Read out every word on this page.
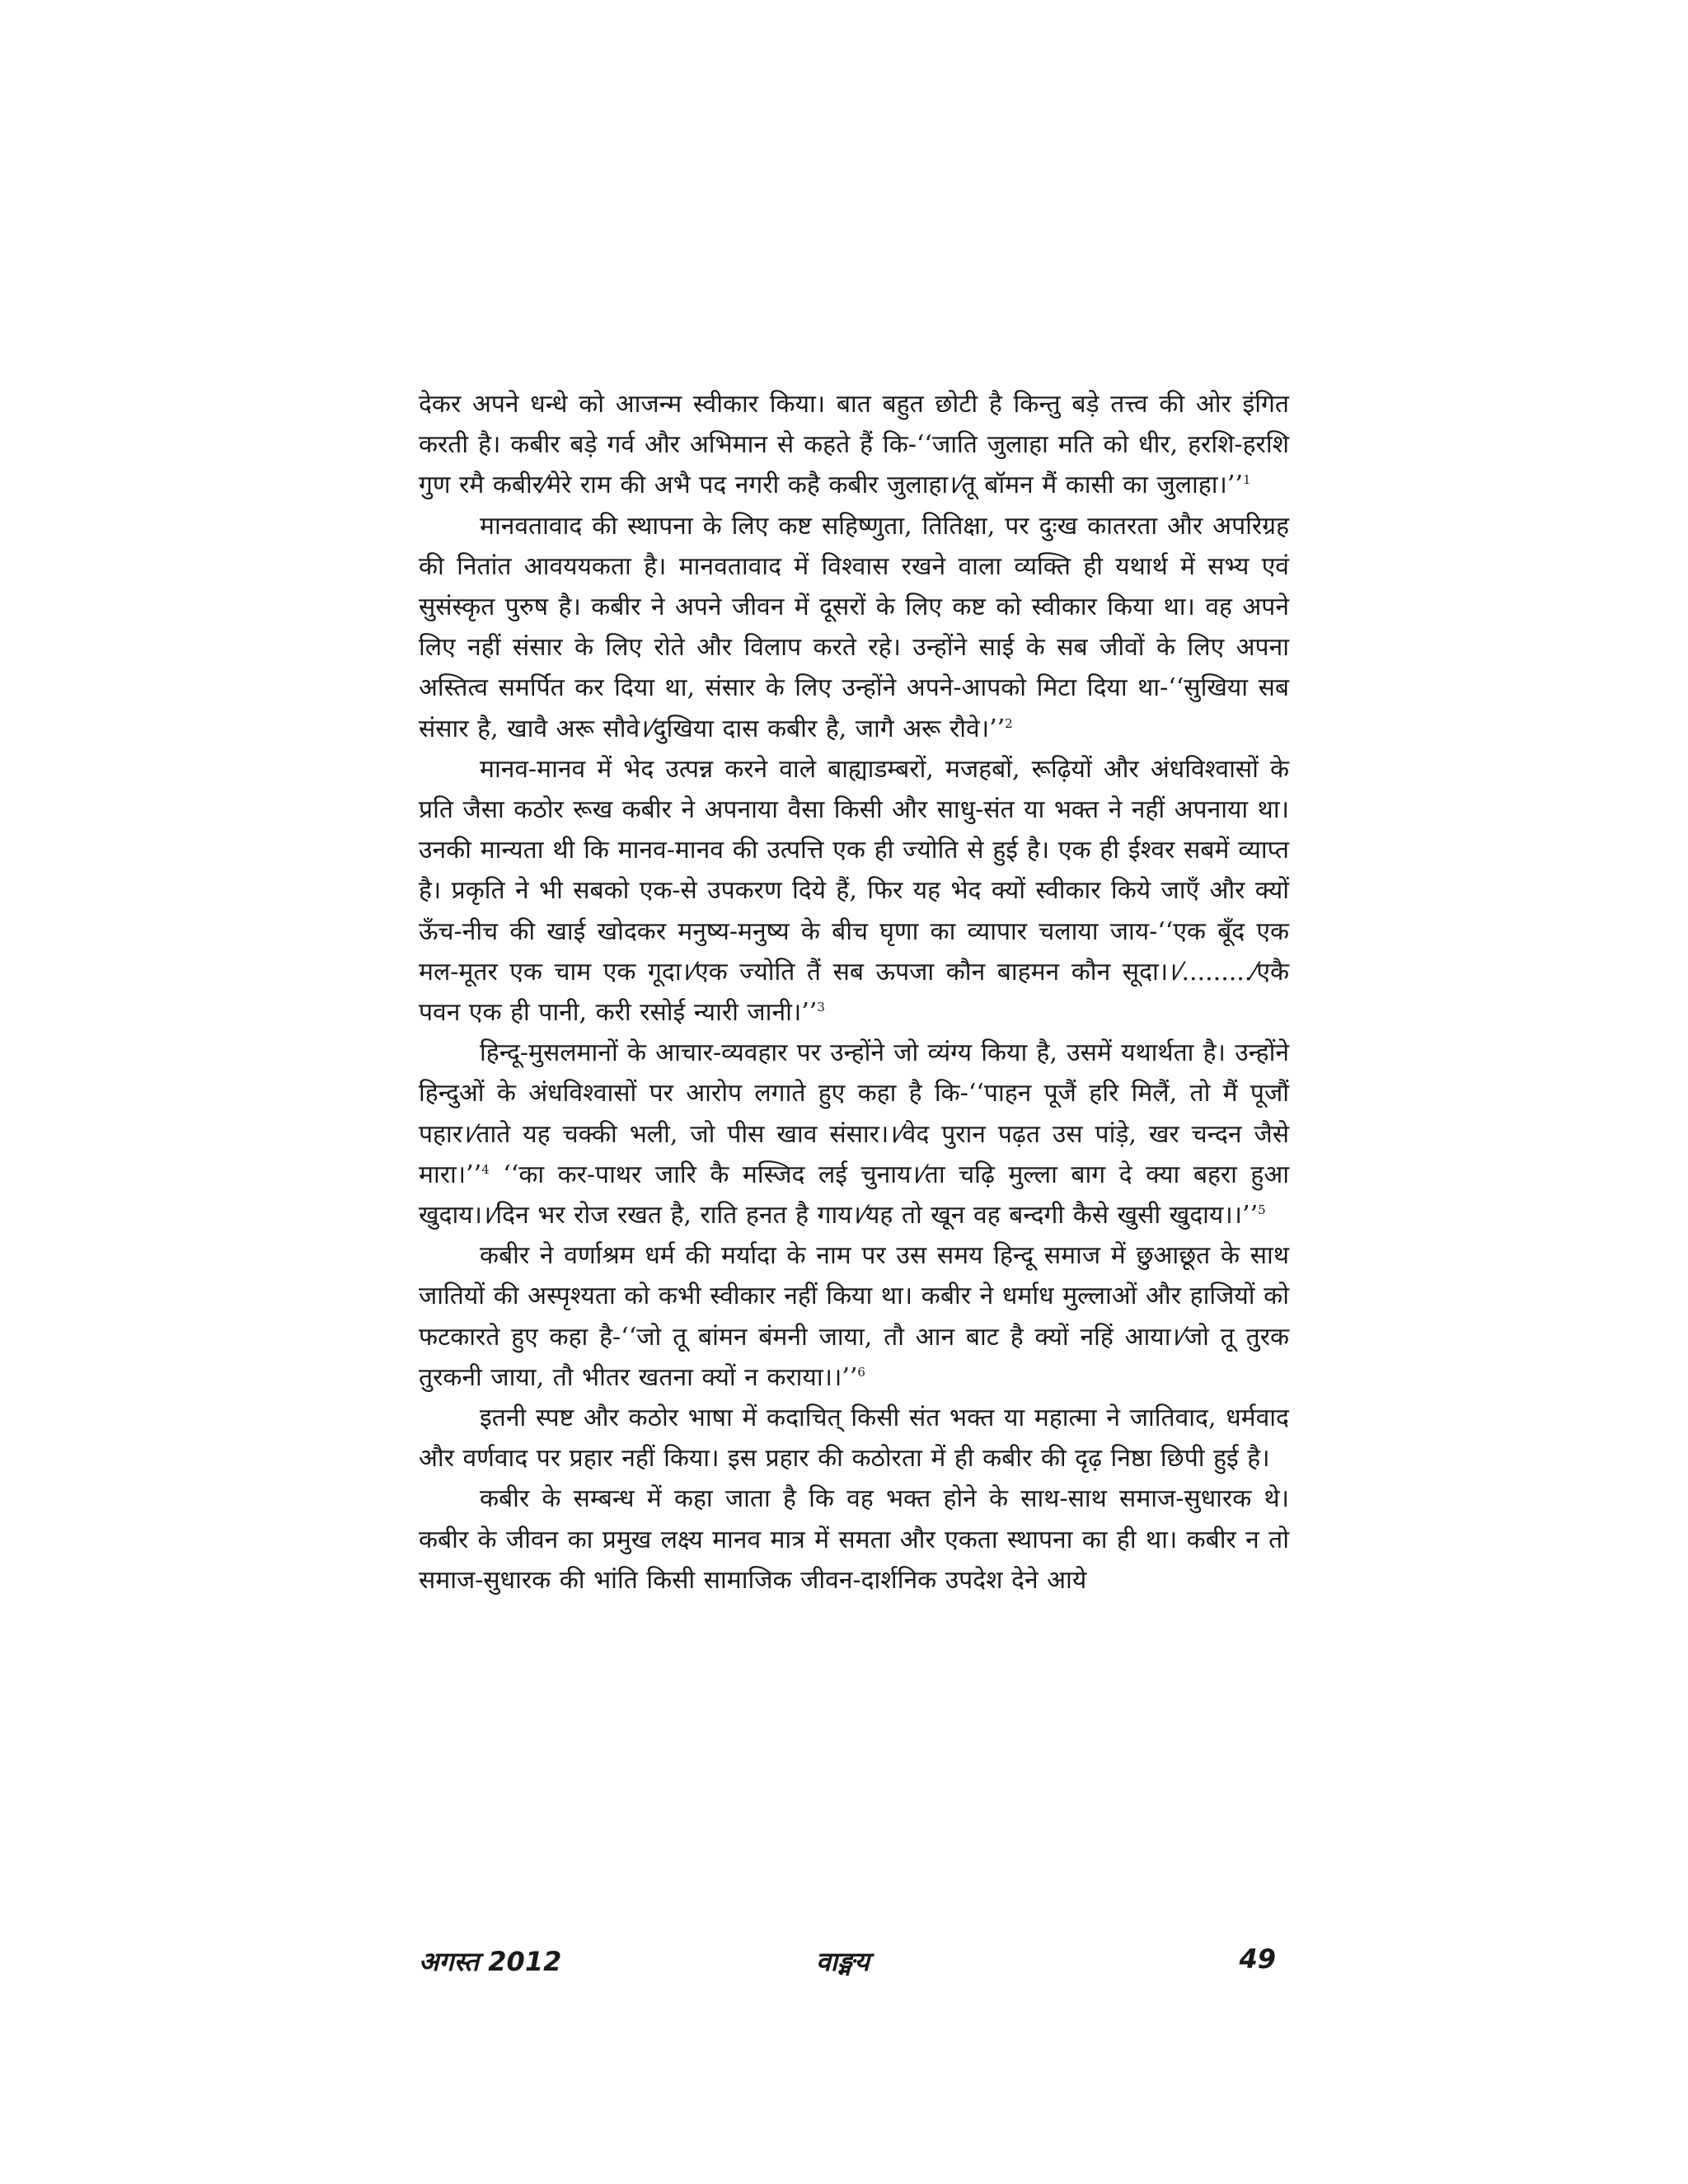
देकर अपने धन्धे को आजन्म स्वीकार किया। बात बहुत छोटी है किन्तु बड़े तत्त्व की ओर इंगित करती है। कबीर बड़े गर्व और अभिमान से कहते हैं कि-‘‘जाति जुलाहा मति को धीर, हरशि-हरशि गुण रमै कबीर⁄मेरे राम की अभै पद नगरी कहै कबीर जुलाहा।⁄तू बॉमन मैं कासी का जुलाहा।’’$^1$

मानवतावाद की स्थापना के लिए कष्ट सहिष्णुता, तितिक्षा, पर दुःख कातरता और अपरिग्रह की नितांत आवययकता है। मानवतावाद में विश्वास रखने वाला व्यक्ति ही यथार्थ में सभ्य एवं सुसंस्कृत पुरुष है। कबीर ने अपने जीवन में दूसरों के लिए कष्ट को स्वीकार किया था। वह अपने लिए नहीं संसार के लिए रोते और विलाप करते रहे। उन्होंने साई के सब जीवों के लिए अपना अस्तित्व समर्पित कर दिया था, संसार के लिए उन्होंने अपने-आपको मिटा दिया था-‘‘सुखिया सब संसार है, खावै अरू सौवे।⁄दुखिया दास कबीर है, जागै अरू रौवे।’’$^2$

मानव-मानव में भेद उत्पन्न करने वाले बाह्याडम्बरों, मजहबों, रूढ़ियों और अंधविश्वासों के प्रति जैसा कठोर रूख कबीर ने अपनाया वैसा किसी और साधु-संत या भक्त ने नहीं अपनाया था। उनकी मान्यता थी कि मानव-मानव की उत्पत्ति एक ही ज्योति से हुई है। एक ही ईश्वर सबमें व्याप्त है। प्रकृति ने भी सबको एक-से उपकरण दिये हैं, फिर यह भेद क्यों स्वीकार किये जाएँ और क्यों ऊँच-नीच की खाई खोदकर मनुष्य-मनुष्य के बीच घृणा का व्यापार चलाया जाय-‘‘एक बूँद एक मल-मूतर एक चाम एक गूदा।⁄एक ज्योति तैं सब ऊपजा कौन बाहमन कौन सूदा।।⁄.........⁄एकै पवन एक ही पानी, करी रसोई न्यारी जानी।’’$^3$

हिन्दू-मुसलमानों के आचार-व्यवहार पर उन्होंने जो व्यंग्य किया है, उसमें यथार्थता है। उन्होंने हिन्दुओं के अंधविश्वासों पर आरोप लगाते हुए कहा है कि-‘‘पाहन पूजैं हरि मिलैं, तो मैं पूजौं पहार।⁄ताते यह चक्की भली, जो पीस खाव संसार।।⁄वेद पुरान पढ़त उस पांड़े, खर चन्दन जैसे मारा।’’$^4$ ‘‘का कर-पाथर जारि कै मस्जिद लई चुनाय।⁄ता चढ़ि मुल्ला बाग दे क्या बहरा हुआ खुदाय।।⁄दिन भर रोज रखत है, राति हनत है गाय।⁄यह तो खून वह बन्दगी कैसे खुसी खुदाय।।’’$^5$

कबीर ने वर्णाश्रम धर्म की मर्यादा के नाम पर उस समय हिन्दू समाज में छुआछूत के साथ जातियों की अस्पृश्यता को कभी स्वीकार नहीं किया था। कबीर ने धर्माध मुल्लाओं और हाजियों को फटकारते हुए कहा है-‘‘जो तू बांमन बंमनी जाया, तौ आन बाट है क्यों नहिं आया।⁄जो तू तुरक तुरकनी जाया, तौ भीतर खतना क्यों न कराया।।’’$^6$

इतनी स्पष्ट और कठोर भाषा में कदाचित् किसी संत भक्त या महात्मा ने जातिवाद, धर्मवाद और वर्णवाद पर प्रहार नहीं किया। इस प्रहार की कठोरता में ही कबीर की दृढ़ निष्ठा छिपी हुई है।

कबीर के सम्बन्ध में कहा जाता है कि वह भक्त होने के साथ-साथ समाज-सुधारक थे। कबीर के जीवन का प्रमुख लक्ष्य मानव मात्र में समता और एकता स्थापना का ही था। कबीर न तो समाज-सुधारक की भांति किसी सामाजिक जीवन-दार्शनिक उपदेश देने आये

अगस्त 2012	वाङ्मय	49
